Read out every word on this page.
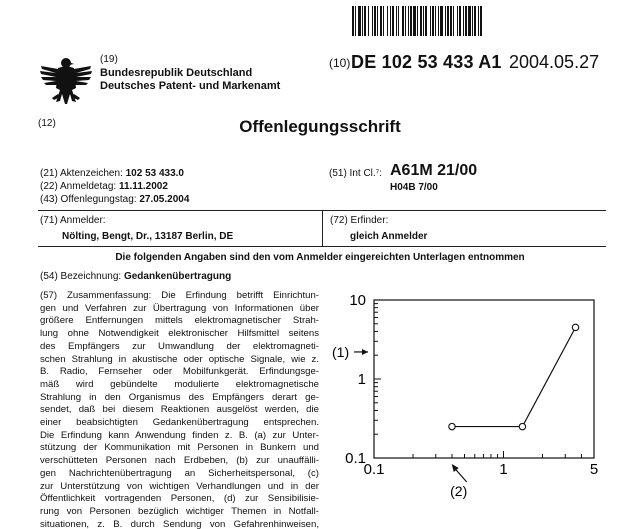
(19)
Bundesrepublik Deutschland
Deutsches Patent- und Markenamt
(10) DE 102 53 433 A1 2004.05.27
(12)	Offenlegungsschrift
(21) Aktenzeichen: 102 53 433.0
(22) Anmeldetag: 11.11.2002
(43) Offenlegungstag: 27.05.2004
(51) Int Cl.⁷: A61M 21/00
H04B 7/00
(71) Anmelder:
Nölting, Bengt, Dr., 13187 Berlin, DE
(72) Erfinder:
gleich Anmelder
Die folgenden Angaben sind den vom Anmelder eingereichten Unterlagen entnommen
(54) Bezeichnung: Gedankenübertragung
(57) Zusammenfassung: Die Erfindung betrifft Einrichtun-
gen und Verfahren zur Übertragung von Informationen über
größere Entfernungen mittels elektromagnetischer Strah-
lung ohne Notwendigkeit elektronischer Hilfsmittel seitens
des Empfängers zur Umwandlung der elektromagneti-
schen Strahlung in akustische oder optische Signale, wie z.
B. Radio, Fernseher oder Mobilfunkgerät. Erfindungsge-
mäß wird gebündelte modulierte elektromagnetische
Strahlung in den Organismus des Empfängers derart ge-
sendet, daß bei diesem Reaktionen ausgelöst werden, die
einer beabsichtigten Gedankenübertragung entsprechen.
Die Erfindung kann Anwendung finden z. B. (a) zur Unter-
stützung der Kommunikation mit Personen in Bunkern und
verschütteten Personen nach Erdbeben, (b) zur unauffälli-
gen Nachrichtenübertragung an Sicherheitspersonal, (c)
zur Unterstützung von wichtigen Verhandlungen und in der
Öffentlichkeit vortragenden Personen, (d) zur Sensibilisie-
rung von Personen bezüglich wichtiger Themen in Notfall-
situationen, z. B. durch Sendung von Gefahrenhinweisen,
0.1	1	5
0.1
1
10
(1)
(2)
